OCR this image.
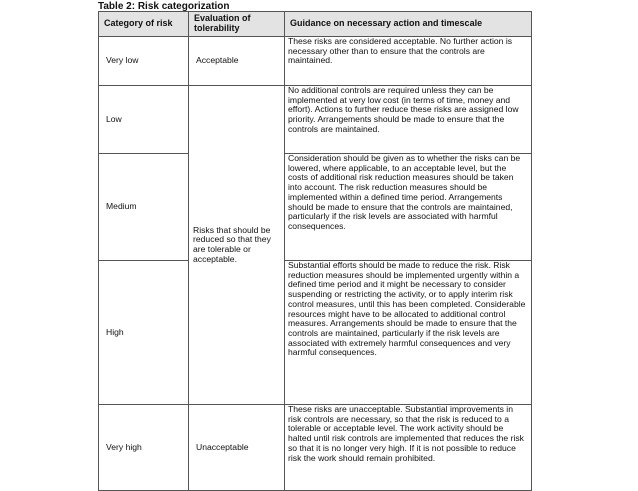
Table 2: Risk categorization
Category of risk	Evaluation of tolerability	Guidance on necessary action and timescale
Very low	Acceptable	These risks are considered acceptable. No further action is necessary other than to ensure that the controls are maintained.
Low	Risks that should be reduced so that they are tolerable or acceptable.	No additional controls are required unless they can be implemented at very low cost (in terms of time, money and effort). Actions to further reduce these risks are assigned low priority. Arrangements should be made to ensure that the controls are maintained.
Medium		Consideration should be given as to whether the risks can be lowered, where applicable, to an acceptable level, but the costs of additional risk reduction measures should be taken into account. The risk reduction measures should be implemented within a defined time period. Arrangements should be made to ensure that the controls are maintained, particularly if the risk levels are associated with harmful consequences.
High		Substantial efforts should be made to reduce the risk. Risk reduction measures should be implemented urgently within a defined time period and it might be necessary to consider suspending or restricting the activity, or to apply interim risk control measures, until this has been completed. Considerable resources might have to be allocated to additional control measures. Arrangements should be made to ensure that the controls are maintained, particularly if the risk levels are associated with extremely harmful consequences and very harmful consequences.
Very high	Unacceptable	These risks are unacceptable. Substantial improvements in risk controls are necessary, so that the risk is reduced to a tolerable or acceptable level. The work activity should be halted until risk controls are implemented that reduces the risk so that it is no longer very high. If it is not possible to reduce risk the work should remain prohibited.
